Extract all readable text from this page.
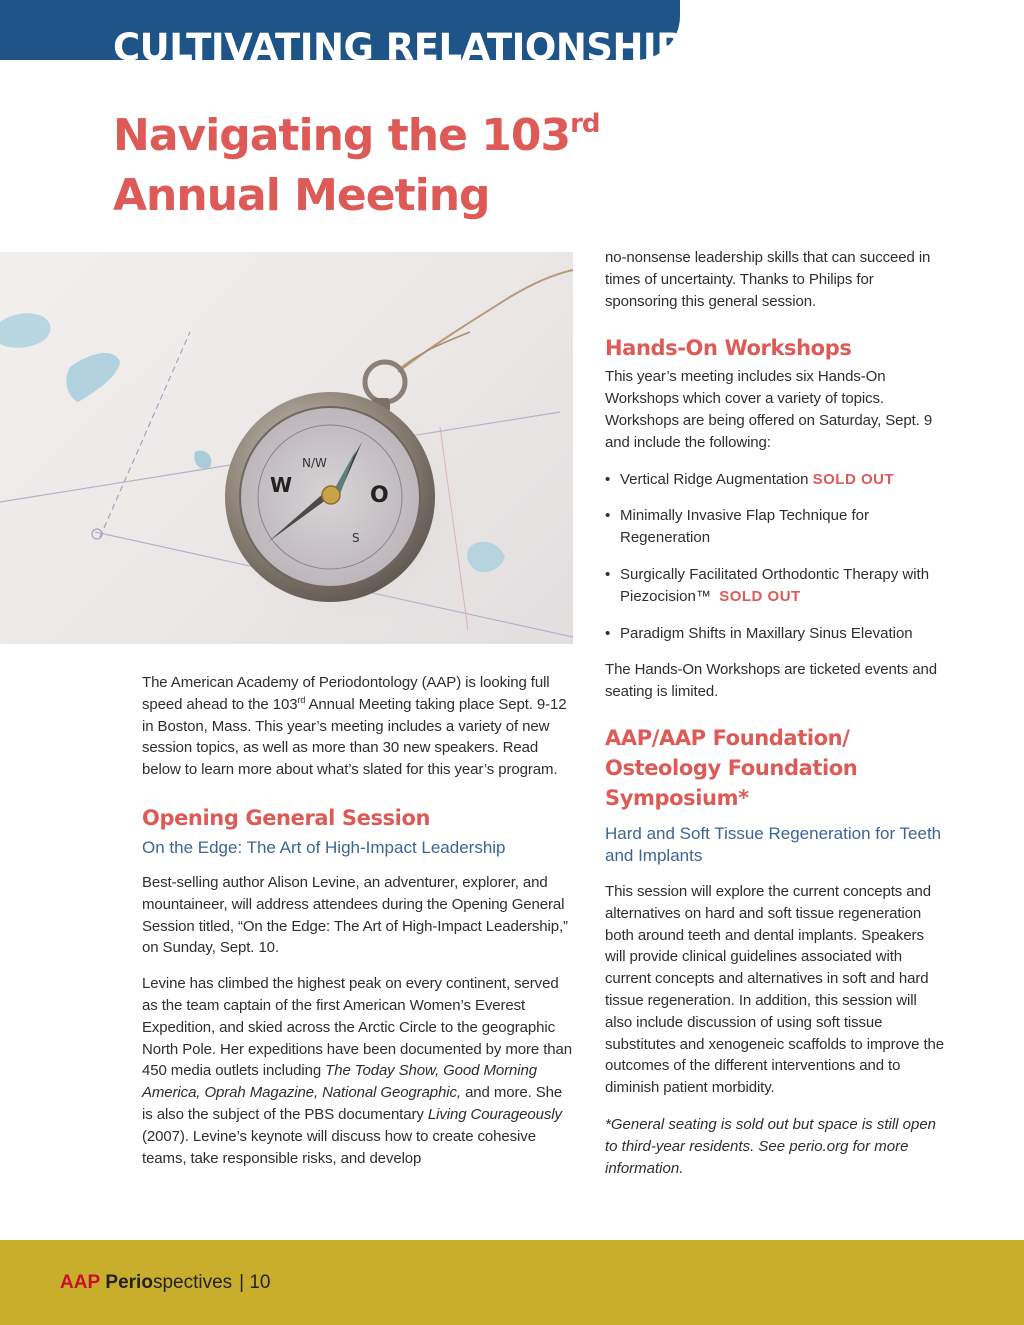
CULTIVATING RELATIONSHIPS
Navigating the 103rd
Annual Meeting
N/W
S
O
W

The American Academy of Periodontology (AAP) is looking full speed ahead to the 103rd Annual Meeting taking place Sept. 9-12 in Boston, Mass. This year’s meeting includes a variety of new session topics, as well as more than 30 new speakers. Read below to learn more about what’s slated for this year’s program.

Opening General Session

On the Edge: The Art of High-Impact Leadership

Best-selling author Alison Levine, an adventurer, explorer, and mountaineer, will address attendees during the Opening General Session titled, “On the Edge: The Art of High-Impact Leadership,” on Sunday, Sept. 10.

Levine has climbed the highest peak on every continent, served as the team captain of the first American Women’s Everest Expedition, and skied across the Arctic Circle to the geographic North Pole. Her expeditions have been documented by more than 450 media outlets including The Today Show, Good Morning America, Oprah Magazine, National Geographic, and more. She is also the subject of the PBS documentary Living Courageously (2007). Levine’s keynote will discuss how to create cohesive teams, take responsible risks, and develop

no-nonsense leadership skills that can succeed in times of uncertainty. Thanks to Philips for sponsoring this general session.

Hands-On Workshops

This year’s meeting includes six Hands-On Workshops which cover a variety of topics. Workshops are being offered on Saturday, Sept. 9 and include the following:

• Vertical Ridge Augmentation SOLD OUT
• Minimally Invasive Flap Technique for Regeneration
• Surgically Facilitated Orthodontic Therapy with Piezocision™ SOLD OUT
• Paradigm Shifts in Maxillary Sinus Elevation

The Hands-On Workshops are ticketed events and seating is limited.

AAP/AAP Foundation/ Osteology Foundation Symposium*

Hard and Soft Tissue Regeneration for Teeth and Implants

This session will explore the current concepts and alternatives on hard and soft tissue regeneration both around teeth and dental implants. Speakers will provide clinical guidelines associated with current concepts and alternatives in soft and hard tissue regeneration. In addition, this session will also include discussion of using soft tissue substitutes and xenogeneic scaffolds to improve the outcomes of the different interventions and to diminish patient morbidity.

*General seating is sold out but space is still open to third-year residents. See perio.org for more information.

AAP Periospectives | 10
